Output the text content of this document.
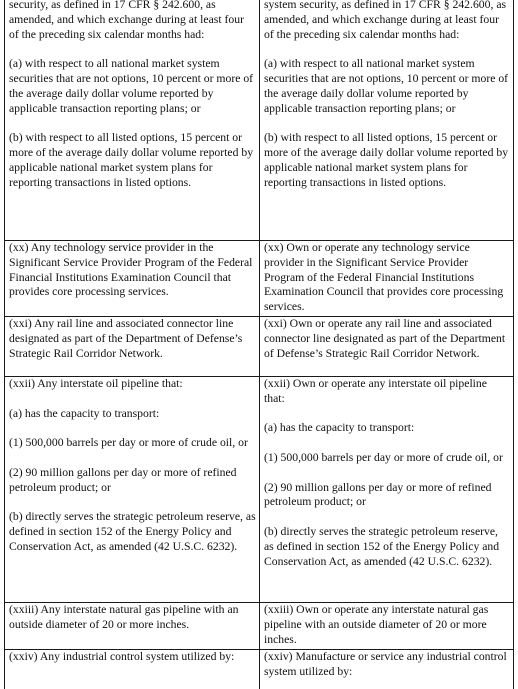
security, as defined in 17 CFR § 242.600, as amended, and which exchange during at least four of the preceding six calendar months had:

(a) with respect to all national market system securities that are not options, 10 percent or more of the average daily dollar volume reported by applicable transaction reporting plans; or

(b) with respect to all listed options, 15 percent or more of the average daily dollar volume reported by applicable national market system plans for reporting transactions in listed options.

system security, as defined in 17 CFR § 242.600, as amended, and which exchange during at least four of the preceding six calendar months had:

(a) with respect to all national market system securities that are not options, 10 percent or more of the average daily dollar volume reported by applicable transaction reporting plans; or

(b) with respect to all listed options, 15 percent or more of the average daily dollar volume reported by applicable national market system plans for reporting transactions in listed options.

(xx) Any technology service provider in the Significant Service Provider Program of the Federal Financial Institutions Examination Council that provides core processing services.

(xx) Own or operate any technology service provider in the Significant Service Provider Program of the Federal Financial Institutions Examination Council that provides core processing services.

(xxi) Any rail line and associated connector line designated as part of the Department of Defense’s Strategic Rail Corridor Network.

(xxi) Own or operate any rail line and associated connector line designated as part of the Department of Defense’s Strategic Rail Corridor Network.

(xxii) Any interstate oil pipeline that:

(a) has the capacity to transport:

(1) 500,000 barrels per day or more of crude oil, or

(2) 90 million gallons per day or more of refined petroleum product; or

(b) directly serves the strategic petroleum reserve, as defined in section 152 of the Energy Policy and Conservation Act, as amended (42 U.S.C. 6232).

(xxii) Own or operate any interstate oil pipeline that:

(a) has the capacity to transport:

(1) 500,000 barrels per day or more of crude oil, or

(2) 90 million gallons per day or more of refined petroleum product; or

(b) directly serves the strategic petroleum reserve, as defined in section 152 of the Energy Policy and Conservation Act, as amended (42 U.S.C. 6232).

(xxiii) Any interstate natural gas pipeline with an outside diameter of 20 or more inches.

(xxiii) Own or operate any interstate natural gas pipeline with an outside diameter of 20 or more inches.

(xxiv) Any industrial control system utilized by:	(xxiv) Manufacture or service any industrial control system utilized by:
